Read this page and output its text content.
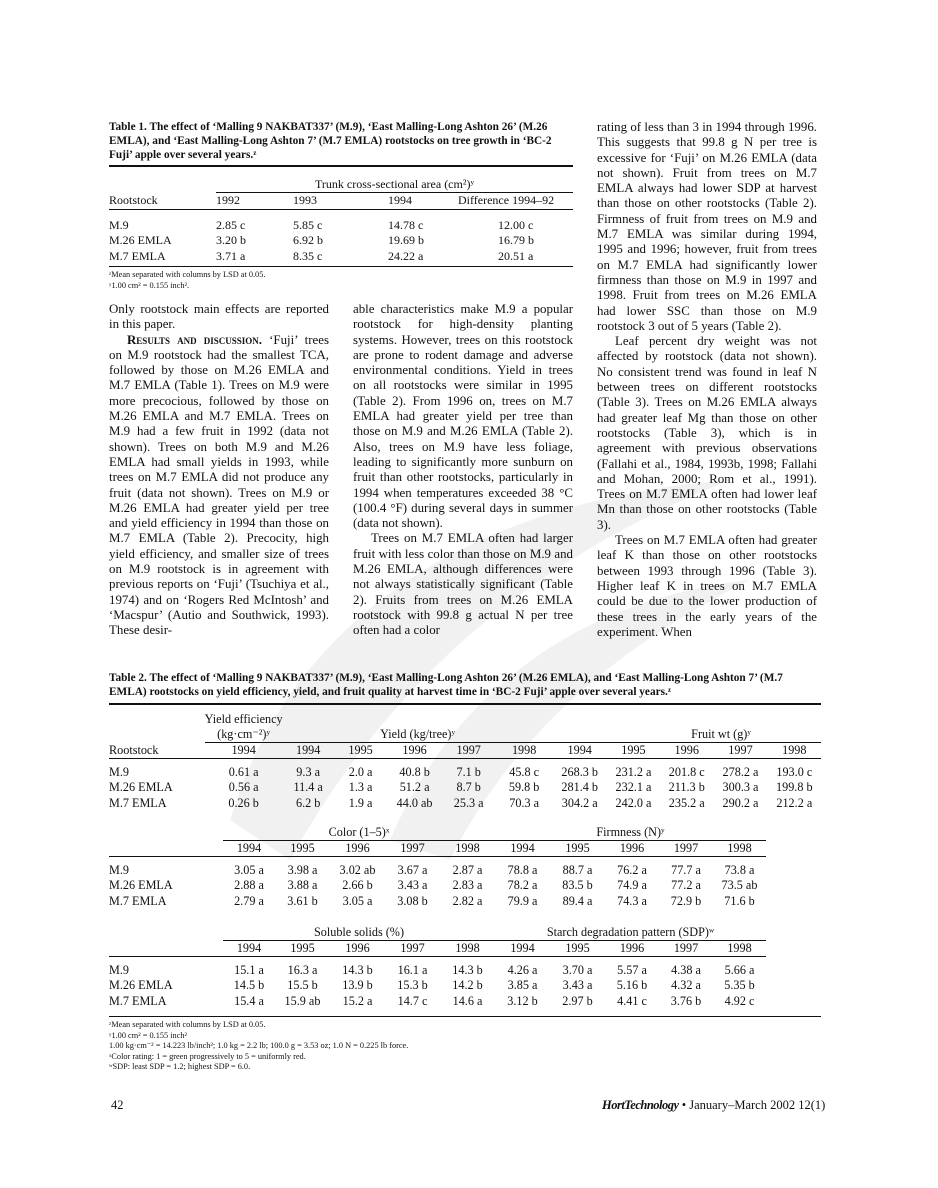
Table 1. The effect of ‘Malling 9 NAKBAT337’ (M.9), ‘East Malling-Long Ashton 26’ (M.26 EMLA), and ‘East Malling-Long Ashton 7’ (M.7 EMLA) rootstocks on tree growth in ‘BC-2 Fuji’ apple over several years.ᶻ
	Trunk cross-sectional area (cm²)ʸ			
Rootstock	1992	1993	1994	Difference 1994–92

M.9	2.85 c	5.85 c	14.78 c	12.00 c
M.26 EMLA	3.20 b	6.92 b	19.69 b	16.79 b
M.7 EMLA	3.71 a	8.35 c	24.22 a	20.51 a
ᶻMean separated with columns by LSD at 0.05.
ʸ1.00 cm² = 0.155 inch².

Only rootstock main effects are reported in this paper.

Results and discussion. ‘Fuji’ trees on M.9 rootstock had the smallest TCA, followed by those on M.26 EMLA and M.7 EMLA (Table 1). Trees on M.9 were more precocious, followed by those on M.26 EMLA and M.7 EMLA. Trees on M.9 had a few fruit in 1992 (data not shown). Trees on both M.9 and M.26 EMLA had small yields in 1993, while trees on M.7 EMLA did not produce any fruit (data not shown). Trees on M.9 or M.26 EMLA had greater yield per tree and yield efficiency in 1994 than those on M.7 EMLA (Table 2). Precocity, high yield efficiency, and smaller size of trees on M.9 rootstock is in agreement with previous reports on ‘Fuji’ (Tsuchiya et al., 1974) and on ‘Rogers Red McIntosh’ and ‘Macspur’ (Autio and Southwick, 1993). These desir-

able characteristics make M.9 a popular rootstock for high-density planting systems. However, trees on this rootstock are prone to rodent damage and adverse environmental conditions. Yield in trees on all rootstocks were similar in 1995 (Table 2). From 1996 on, trees on M.7 EMLA had greater yield per tree than those on M.9 and M.26 EMLA (Table 2). Also, trees on M.9 have less foliage, leading to significantly more sunburn on fruit than other rootstocks, particularly in 1994 when temperatures exceeded 38 °C (100.4 °F) during several days in summer (data not shown).

Trees on M.7 EMLA often had larger fruit with less color than those on M.9 and M.26 EMLA, although differences were not always statistically significant (Table 2). Fruits from trees on M.26 EMLA rootstock with 99.8 g actual N per tree often had a color

rating of less than 3 in 1994 through 1996. This suggests that 99.8 g N per tree is excessive for ‘Fuji’ on M.26 EMLA (data not shown). Fruit from trees on M.7 EMLA always had lower SDP at harvest than those on other rootstocks (Table 2). Firmness of fruit from trees on M.9 and M.7 EMLA was similar during 1994, 1995 and 1996; however, fruit from trees on M.7 EMLA had significantly lower firmness than those on M.9 in 1997 and 1998. Fruit from trees on M.26 EMLA had lower SSC than those on M.9 rootstock 3 out of 5 years (Table 2).

Leaf percent dry weight was not affected by rootstock (data not shown). No consistent trend was found in leaf N between trees on different rootstocks (Table 3). Trees on M.26 EMLA always had greater leaf Mg than those on other rootstocks (Table 3), which is in agreement with previous observations (Fallahi et al., 1984, 1993b, 1998; Fallahi and Mohan, 2000; Rom et al., 1991). Trees on M.7 EMLA often had lower leaf Mn than those on other rootstocks (Table 3).

Trees on M.7 EMLA often had greater leaf K than those on other rootstocks between 1993 through 1996 (Table 3). Higher leaf K in trees on M.7 EMLA could be due to the lower production of these trees in the early years of the experiment. When

Table 2. The effect of ‘Malling 9 NAKBAT337’ (M.9), ‘East Malling-Long Ashton 26’ (M.26 EMLA), and ‘East Malling-Long Ashton 7’ (M.7 EMLA) rootstocks on yield efficiency, yield, and fruit quality at harvest time in ‘BC-2 Fuji’ apple over several years.ᶻ
	Yield efficiency										
	(kg·cm⁻²)ʸ	Yield (kg/tree)ʸ					Fruit wt (g)ʸ				
Rootstock	1994	1994	1995	1996	1997	1998	1994	1995	1996	1997	1998

M.9	0.61 a	9.3 a	2.0 a	40.8 b	7.1 b	45.8 c	268.3 b	231.2 a	201.8 c	278.2 a	193.0 c
M.26 EMLA	0.56 a	11.4 a	1.3 a	51.2 a	8.7 b	59.8 b	281.4 b	232.1 a	211.3 b	300.3 a	199.8 b
M.7 EMLA	0.26 b	6.2 b	1.9 a	44.0 ab	25.3 a	70.3 a	304.2 a	242.0 a	235.2 a	290.2 a	212.2 a
	Color (1–5)ˣ					Firmness (N)ʸ				
	1994	1995	1996	1997	1998	1994	1995	1996	1997	1998

M.9	3.05 a	3.98 a	3.02 ab	3.67 a	2.87 a	78.8 a	88.7 a	76.2 a	77.7 a	73.8 a
M.26 EMLA	2.88 a	3.88 a	2.66 b	3.43 a	2.83 a	78.2 a	83.5 b	74.9 a	77.2 a	73.5 ab
M.7 EMLA	2.79 a	3.61 b	3.05 a	3.08 b	2.82 a	79.9 a	89.4 a	74.3 a	72.9 b	71.6 b
	Soluble solids (%)					Starch degradation pattern (SDP)ʷ				
	1994	1995	1996	1997	1998	1994	1995	1996	1997	1998

M.9	15.1 a	16.3 a	14.3 b	16.1 a	14.3 b	4.26 a	3.70 a	5.57 a	4.38 a	5.66 a
M.26 EMLA	14.5 b	15.5 b	13.9 b	15.3 b	14.2 b	3.85 a	3.43 a	5.16 b	4.32 a	5.35 b
M.7 EMLA	15.4 a	15.9 ab	15.2 a	14.7 c	14.6 a	3.12 b	2.97 b	4.41 c	3.76 b	4.92 c
ᶻMean separated with columns by LSD at 0.05.
ʸ1.00 cm² = 0.155 inch²
1.00 kg·cm⁻² = 14.223 lb/inch²; 1.0 kg = 2.2 lb; 100.0 g = 3.53 oz; 1.0 N = 0.225 lb force.
ˣColor rating: 1 = green progressively to 5 = uniformly red.
ʷSDP: least SDP = 1.2; highest SDP = 6.0.
42	HortTechnology • January–March 2002 12(1)
